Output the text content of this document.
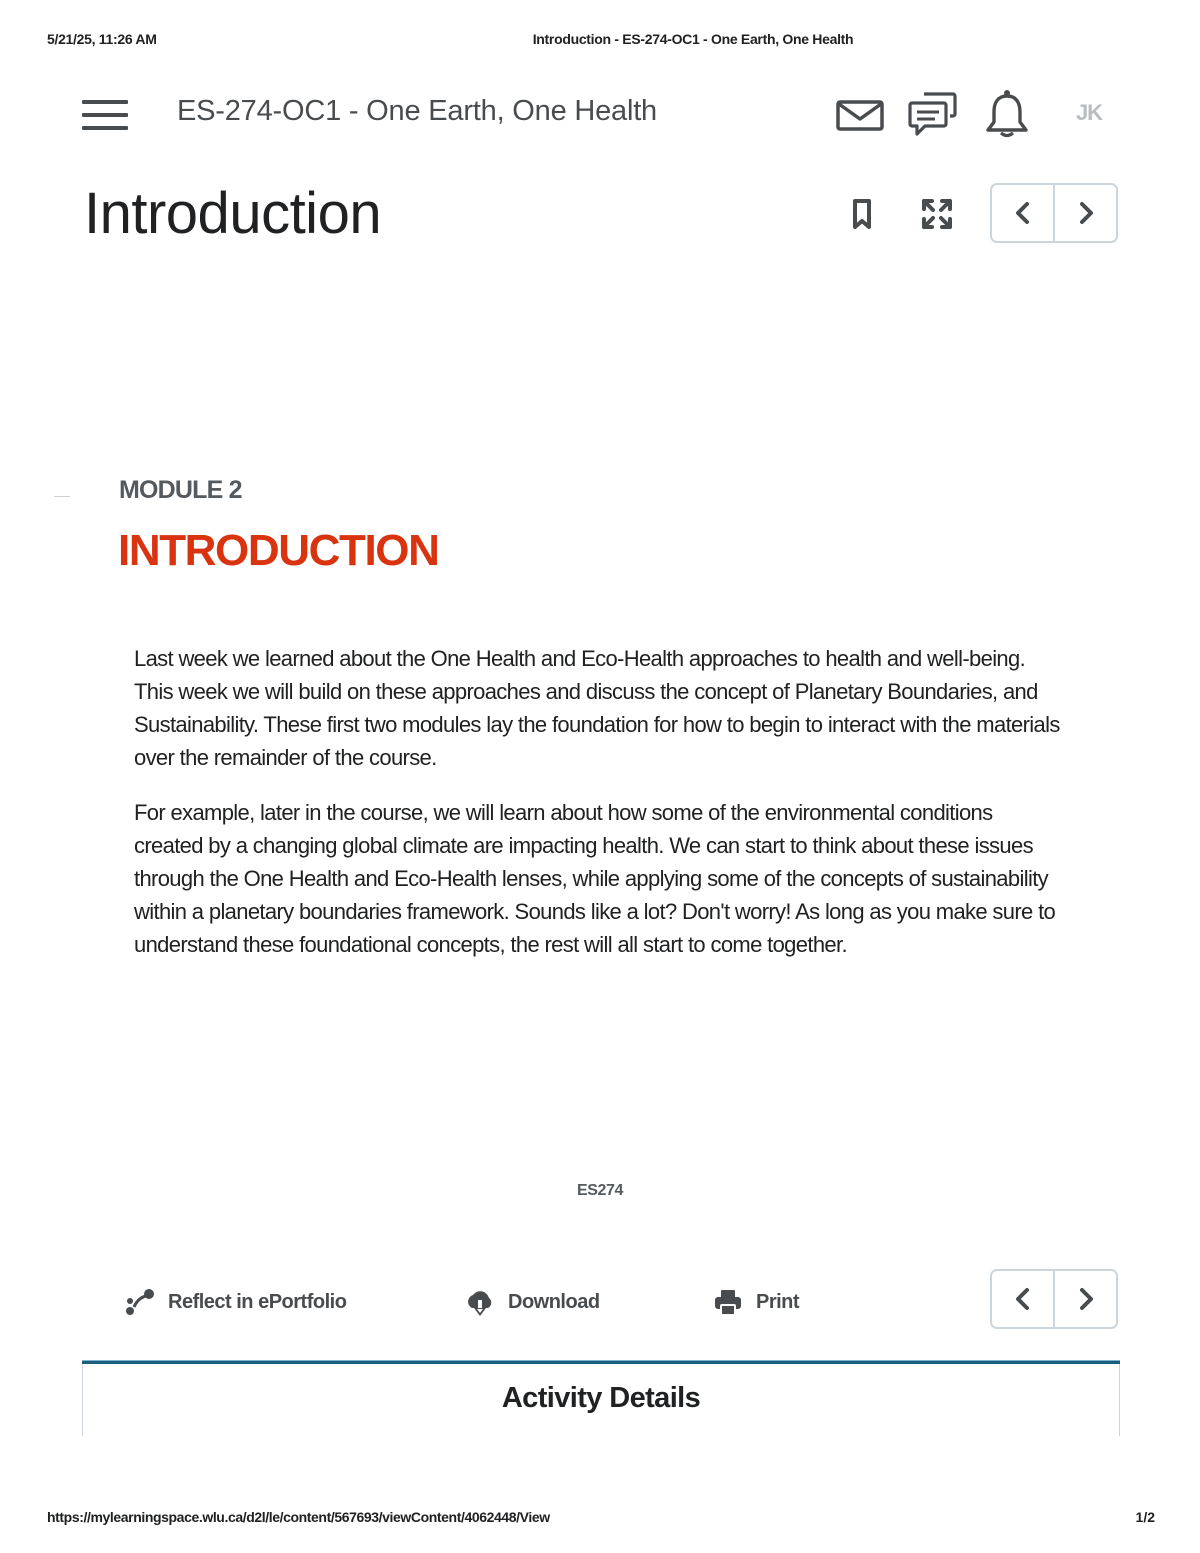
5/21/25, 11:26 AM	Introduction - ES-274-OC1 - One Earth, One Health
ES-274-OC1 - One Earth, One Health	JK
Introduction
MODULE 2
INTRODUCTION

Last week we learned about the One Health and Eco-Health approaches to health and well-being. This week we will build on these approaches and discuss the concept of Planetary Boundaries, and Sustainability. These first two modules lay the foundation for how to begin to interact with the materials over the remainder of the course.

For example, later in the course, we will learn about how some of the environmental conditions created by a changing global climate are impacting health. We can start to think about these issues through the One Health and Eco-Health lenses, while applying some of the concepts of sustainability within a planetary boundaries framework. Sounds like a lot? Don't worry! As long as you make sure to understand these foundational concepts, the rest will all start to come together.

ES274
Reflect in ePortfolio	Download	Print
Activity Details
https://mylearningspace.wlu.ca/d2l/le/content/567693/viewContent/4062448/View	1/2
